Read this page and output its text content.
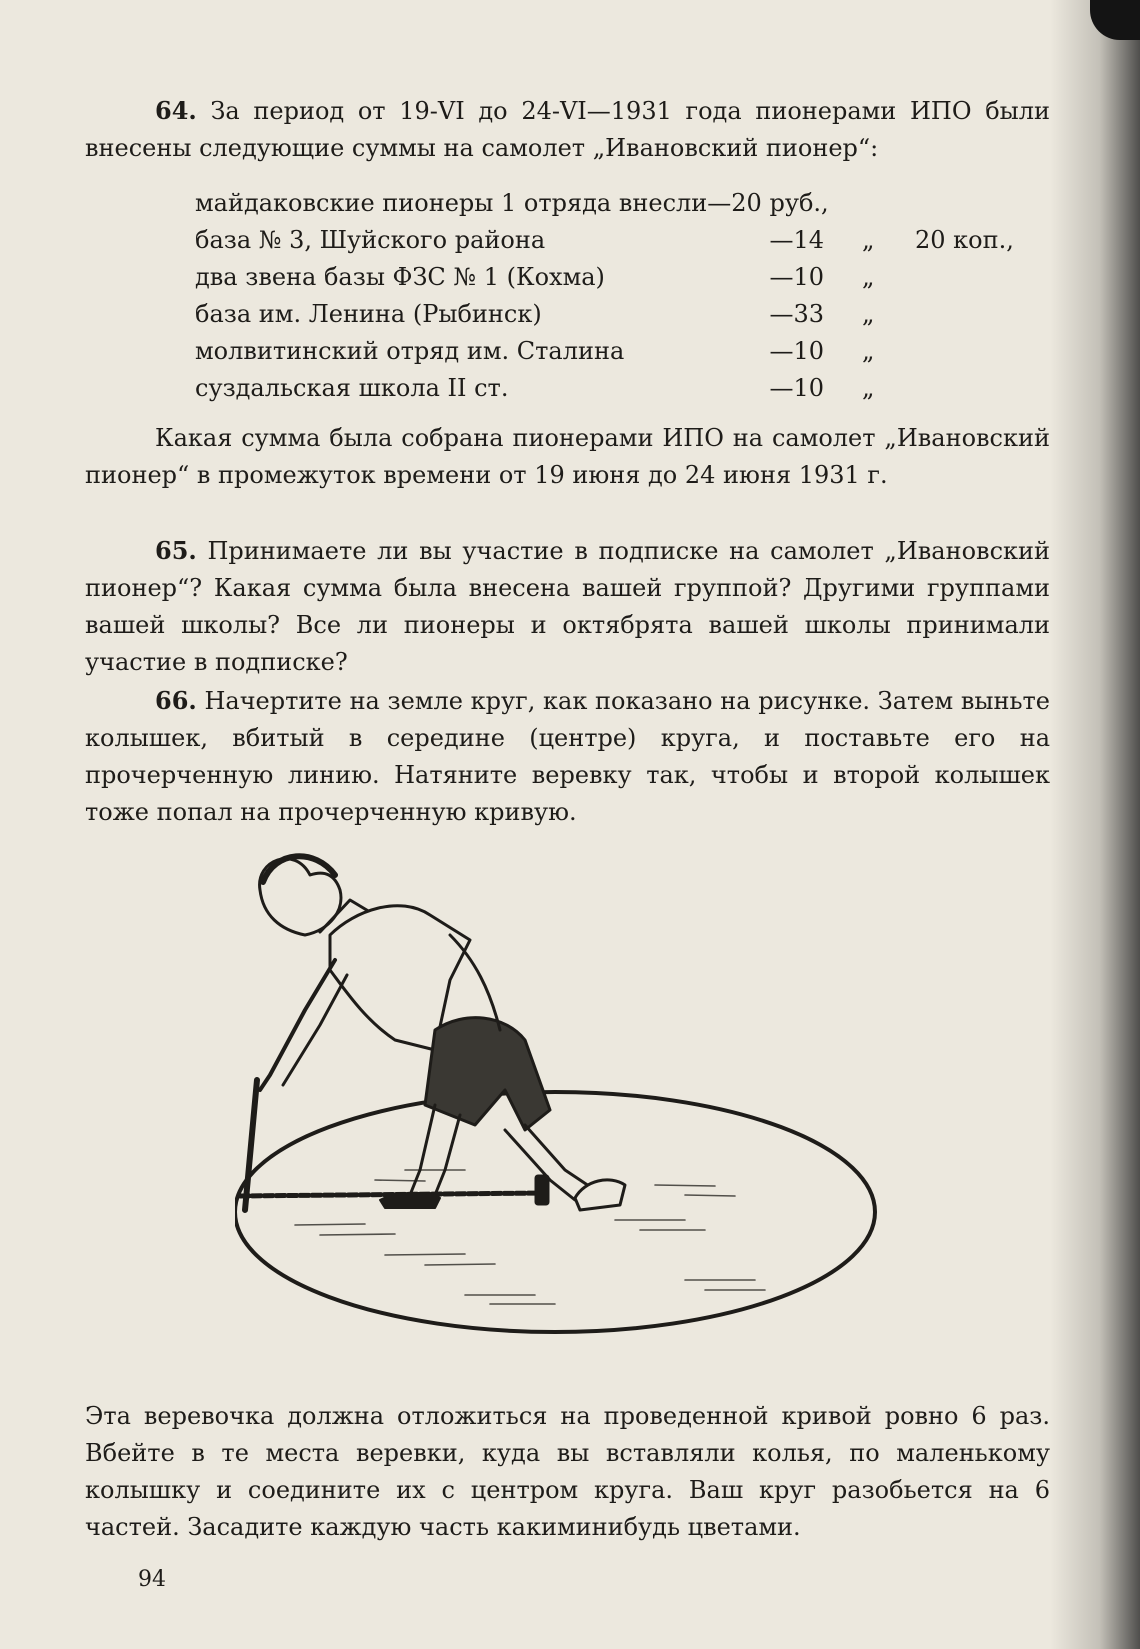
64. За период от 19-VI до 24-VI—1931 года пионерами ИПО были внесены следующие суммы на самолет „Ивановский пионер“:

майдаковские пионеры 1 отряда внесли—20 руб.,
база № 3, Шуйского района	—14 „ 20 коп.,
два звена базы ФЗС № 1 (Кохма)	—10 „
база им. Ленина (Рыбинск)	—33 „
молвитинский отряд им. Сталина	—10 „
суздальская школа II ст.	—10 „

Какая сумма была собрана пионерами ИПО на самолет „Ивановский пионер“ в промежуток времени от 19 июня до 24 июня 1931 г.

65. Принимаете ли вы участие в подписке на самолет „Ивановский пионер“? Какая сумма была внесена вашей группой? Другими группами вашей школы? Все ли пионеры и октябрята вашей школы принимали участие в подписке?

66. Начертите на земле круг, как показано на рисунке. Затем выньте колышек, вбитый в середине (центре) круга, и поставьте его на прочерченную линию. Натяните веревку так, чтобы и второй колышек тоже попал на прочерченную кривую.

Эта веревочка должна отложиться на проведенной кривой ровно 6 раз. Вбейте в те места веревки, куда вы вставляли колья, по маленькому колышку и соедините их с центром круга. Ваш круг разобьется на 6 частей. Засадите каждую часть какиминибудь цветами.

94
